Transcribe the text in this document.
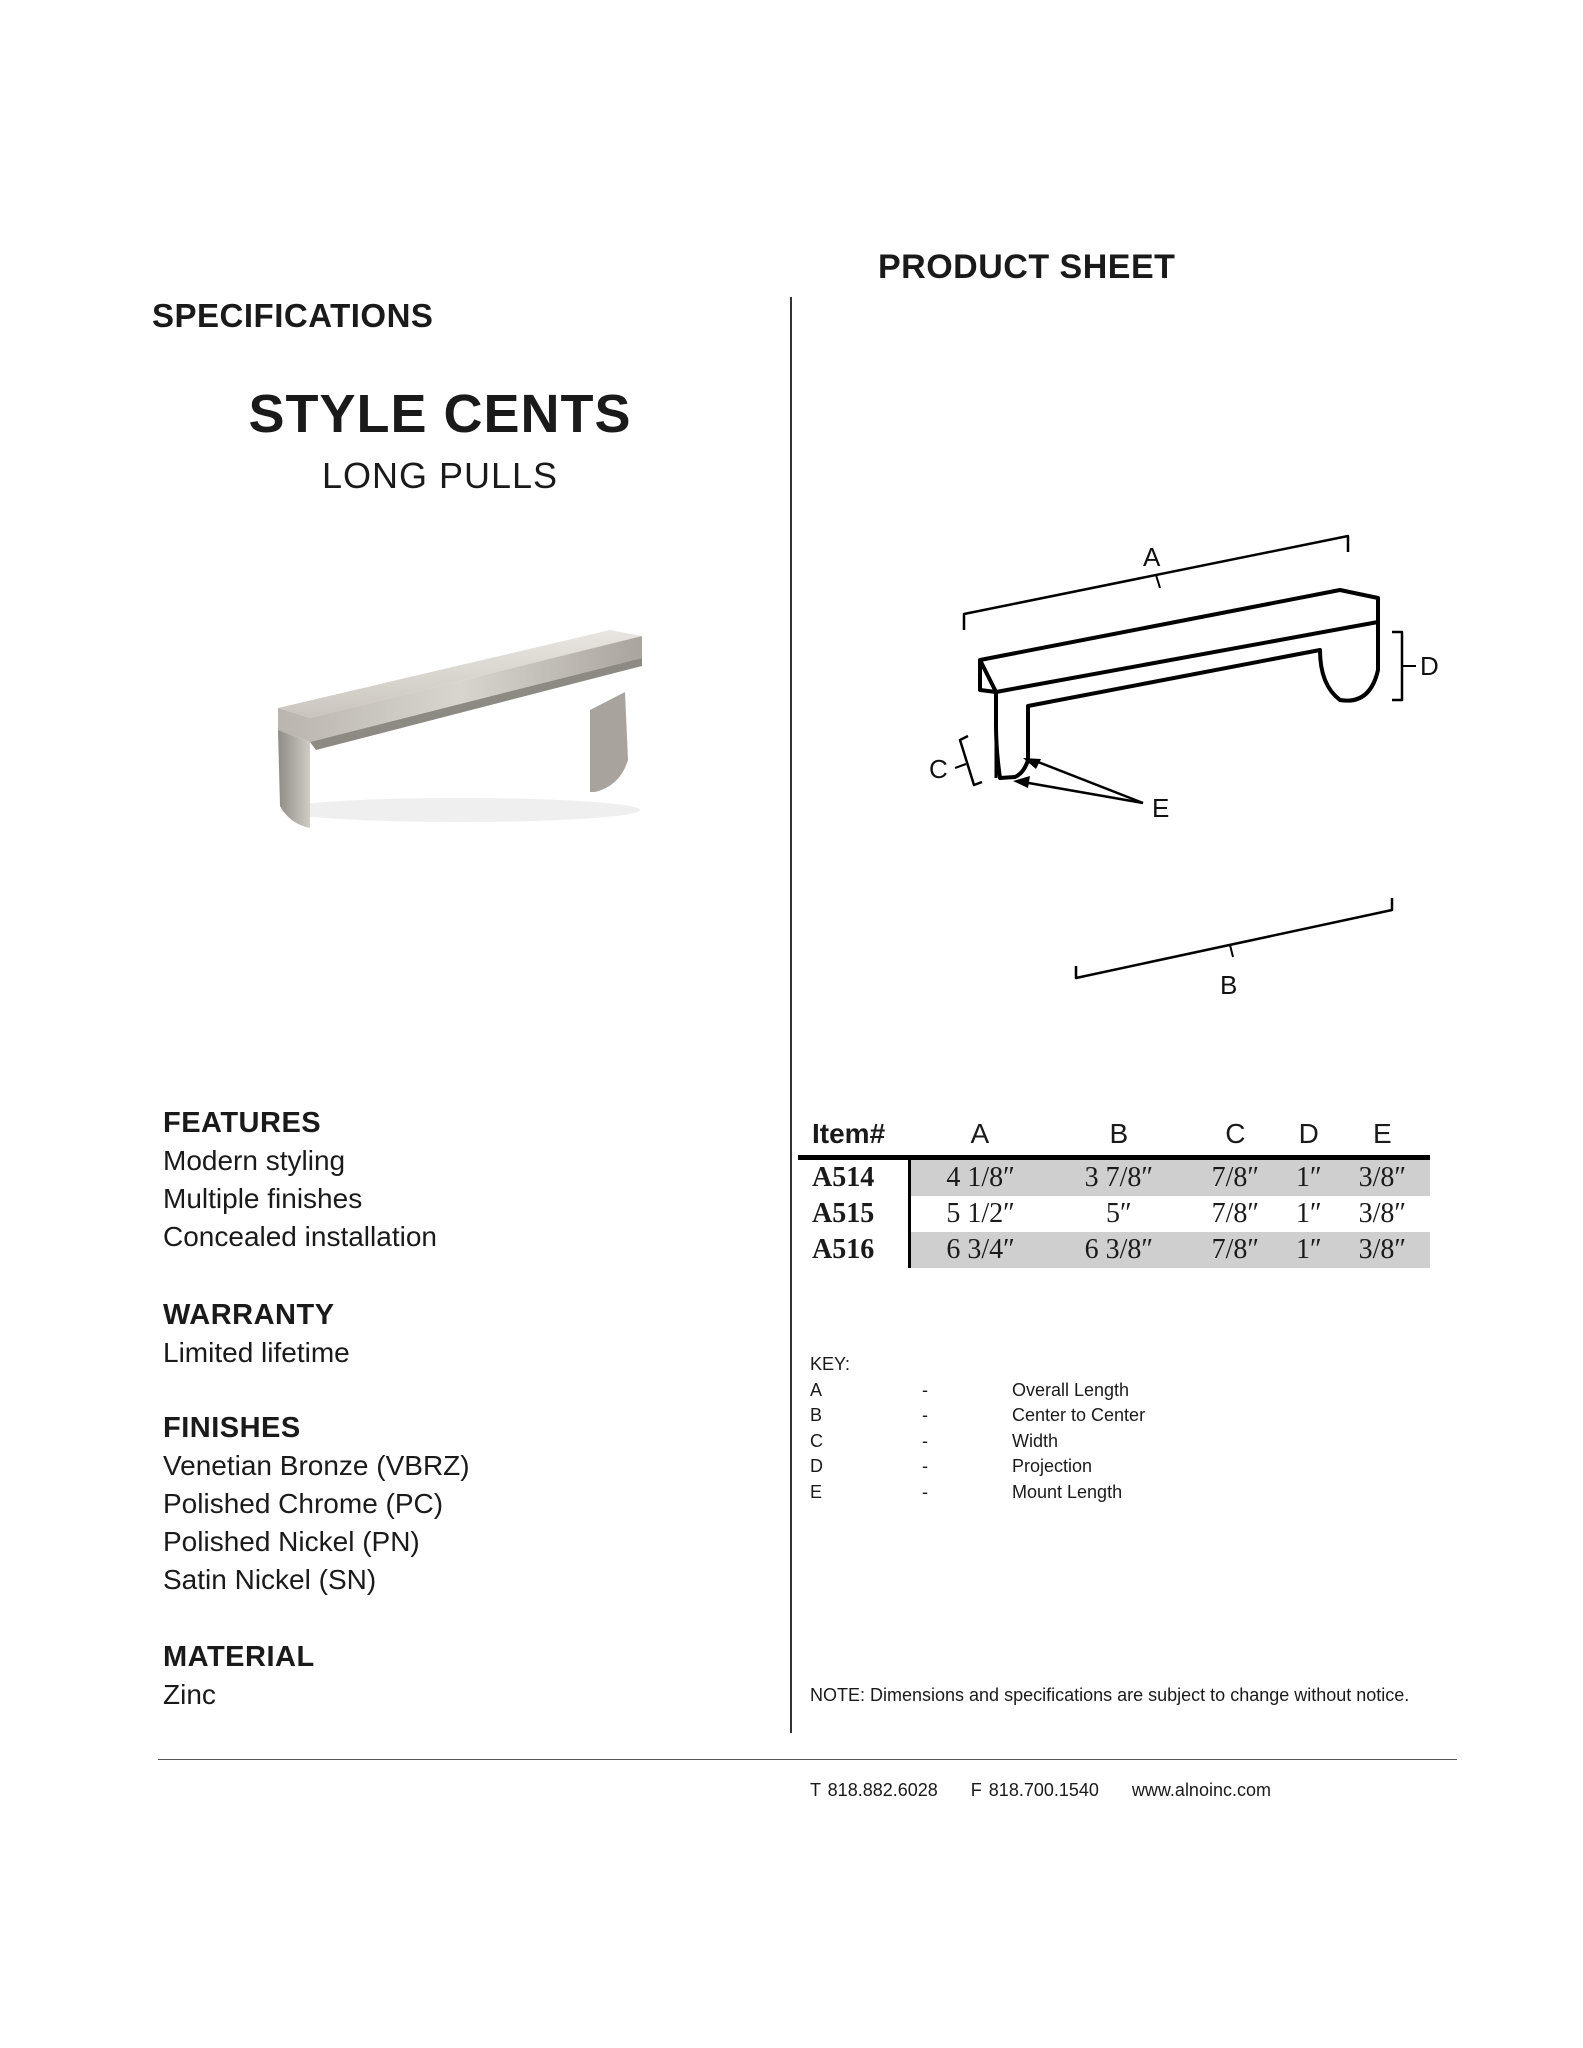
PRODUCT SHEET
SPECIFICATIONS
STYLE CENTS
LONG PULLS

FEATURES

Modern styling

Multiple finishes

Concealed installation

WARRANTY

Limited lifetime

FINISHES

Venetian Bronze (VBRZ)

Polished Chrome (PC)

Polished Nickel (PN)

Satin Nickel (SN)

MATERIAL

Zinc

A
D
C
E
B
Item#	A	B	C	D	E
A514	4 1/8″	3 7/8″	7/8″	1″	3/8″
A515	5 1/2″	5″	7/8″	1″	3/8″
A516	6 3/4″	6 3/8″	7/8″	1″	3/8″

KEY:

A	-	Overall Length
B	-	Center to Center
C	-	Width
D	-	Projection
E	-	Mount Length
NOTE: Dimensions and specifications are subject to change without notice.
T 818.882.6028 F 818.700.1540 www.alnoinc.com
